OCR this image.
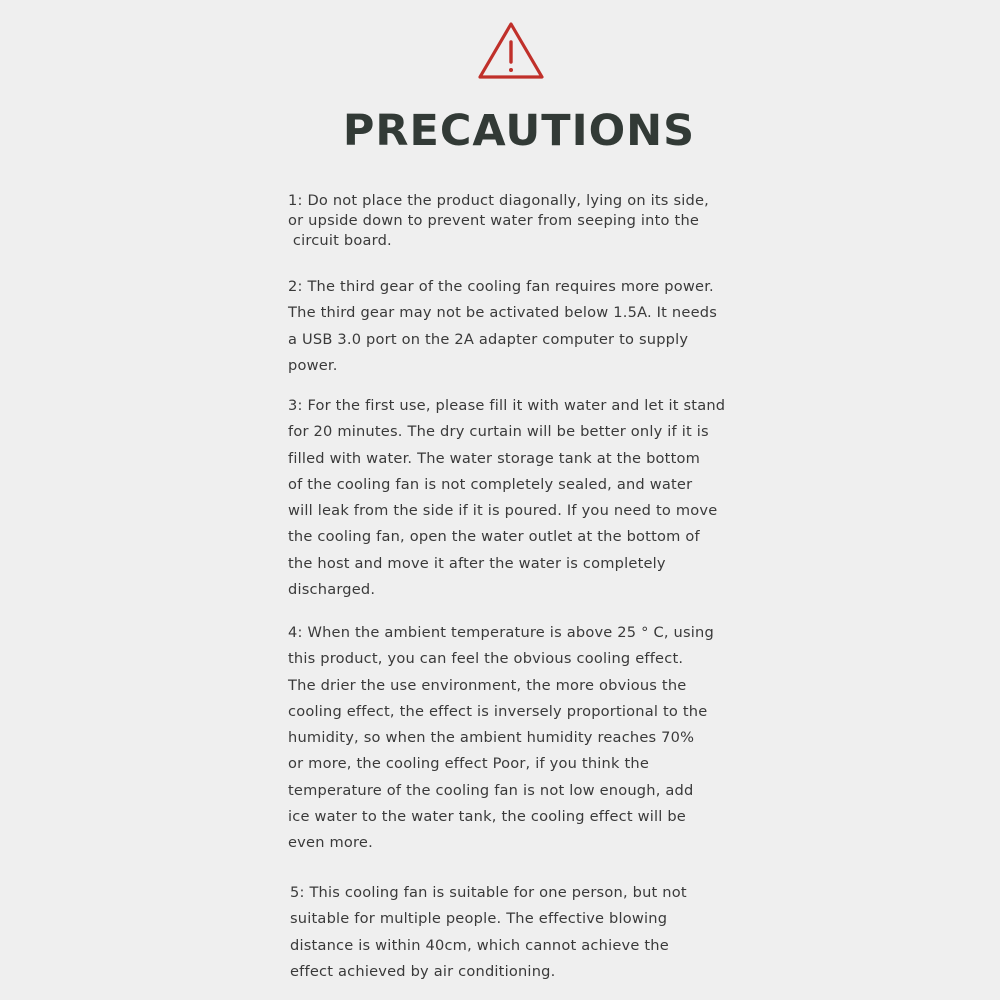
PRECAUTIONS

1: Do not place the product diagonally, lying on its side,
or upside down to prevent water from seeping into the
circuit board.

2: The third gear of the cooling fan requires more power.
The third gear may not be activated below 1.5A. It needs
a USB 3.0 port on the 2A adapter computer to supply
power.

3: For the first use, please fill it with water and let it stand
for 20 minutes. The dry curtain will be better only if it is
filled with water. The water storage tank at the bottom
of the cooling fan is not completely sealed, and water
will leak from the side if it is poured. If you need to move
the cooling fan, open the water outlet at the bottom of
the host and move it after the water is completely
discharged.

4: When the ambient temperature is above 25 ° C, using
this product, you can feel the obvious cooling effect.
The drier the use environment, the more obvious the
cooling effect, the effect is inversely proportional to the
humidity, so when the ambient humidity reaches 70%
or more, the cooling effect Poor, if you think the
temperature of the cooling fan is not low enough, add
ice water to the water tank, the cooling effect will be
even more.

5: This cooling fan is suitable for one person, but not
suitable for multiple people. The effective blowing
distance is within 40cm, which cannot achieve the
effect achieved by air conditioning.
